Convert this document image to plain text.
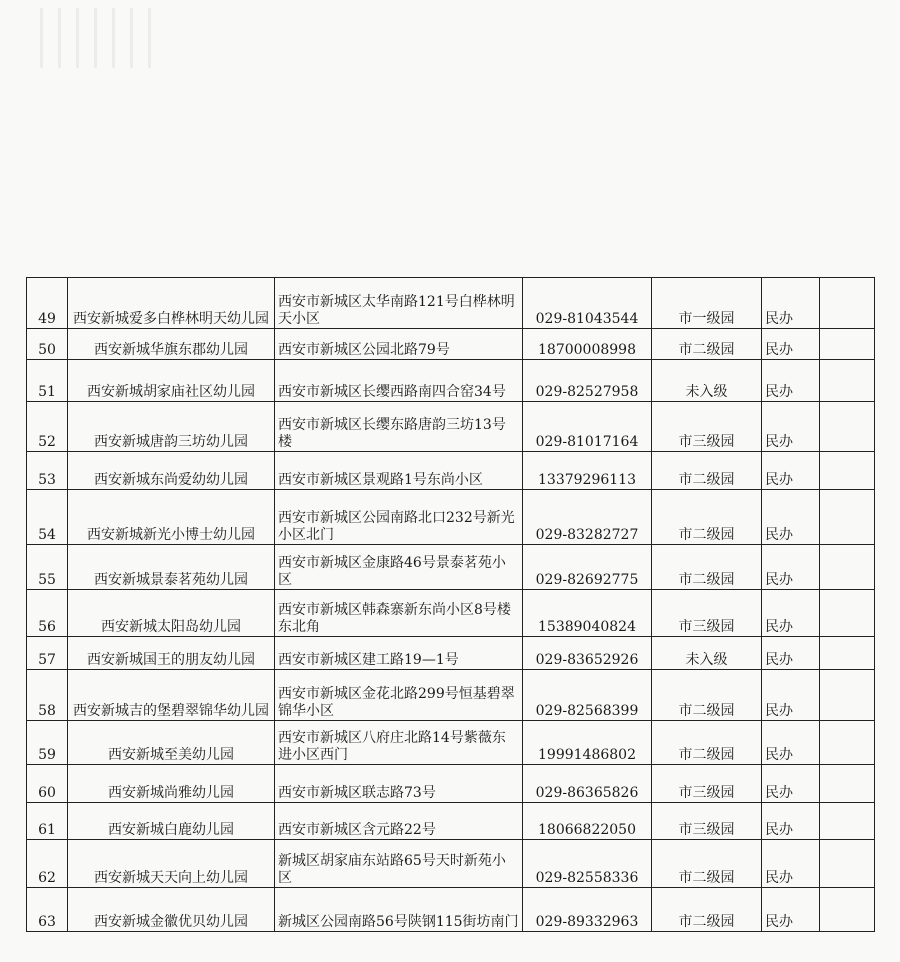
49	西安新城爱多白桦林明天幼儿园	西安市新城区太华南路121号白桦林明天小区	029-81043544	市一级园	民办	
50	西安新城华旗东郡幼儿园	西安市新城区公园北路79号	18700008998	市二级园	民办	
51	西安新城胡家庙社区幼儿园	西安市新城区长缨西路南四合窑34号	029-82527958	未入级	民办	
52	西安新城唐韵三坊幼儿园	西安市新城区长缨东路唐韵三坊13号楼	029-81017164	市三级园	民办	
53	西安新城东尚爱幼幼儿园	西安市新城区景观路1号东尚小区	13379296113	市二级园	民办	
54	西安新城新光小博士幼儿园	西安市新城区公园南路北口232号新光小区北门	029-83282727	市二级园	民办	
55	西安新城景泰茗苑幼儿园	西安市新城区金康路46号景泰茗苑小区	029-82692775	市二级园	民办	
56	西安新城太阳岛幼儿园	西安市新城区韩森寨新东尚小区8号楼东北角	15389040824	市三级园	民办	
57	西安新城国王的朋友幼儿园	西安市新城区建工路19—1号	029-83652926	未入级	民办	
58	西安新城吉的堡碧翠锦华幼儿园	西安市新城区金花北路299号恒基碧翠锦华小区	029-82568399	市二级园	民办	
59	西安新城至美幼儿园	西安市新城区八府庄北路14号紫薇东进小区西门	19991486802	市二级园	民办	
60	西安新城尚雅幼儿园	西安市新城区联志路73号	029-86365826	市三级园	民办	
61	西安新城白鹿幼儿园	西安市新城区含元路22号	18066822050	市三级园	民办	
62	西安新城天天向上幼儿园	新城区胡家庙东站路65号天时新苑小区	029-82558336	市二级园	民办	
63	西安新城金徽优贝幼儿园	新城区公园南路56号陕钢115街坊南门	029-89332963	市二级园	民办	
